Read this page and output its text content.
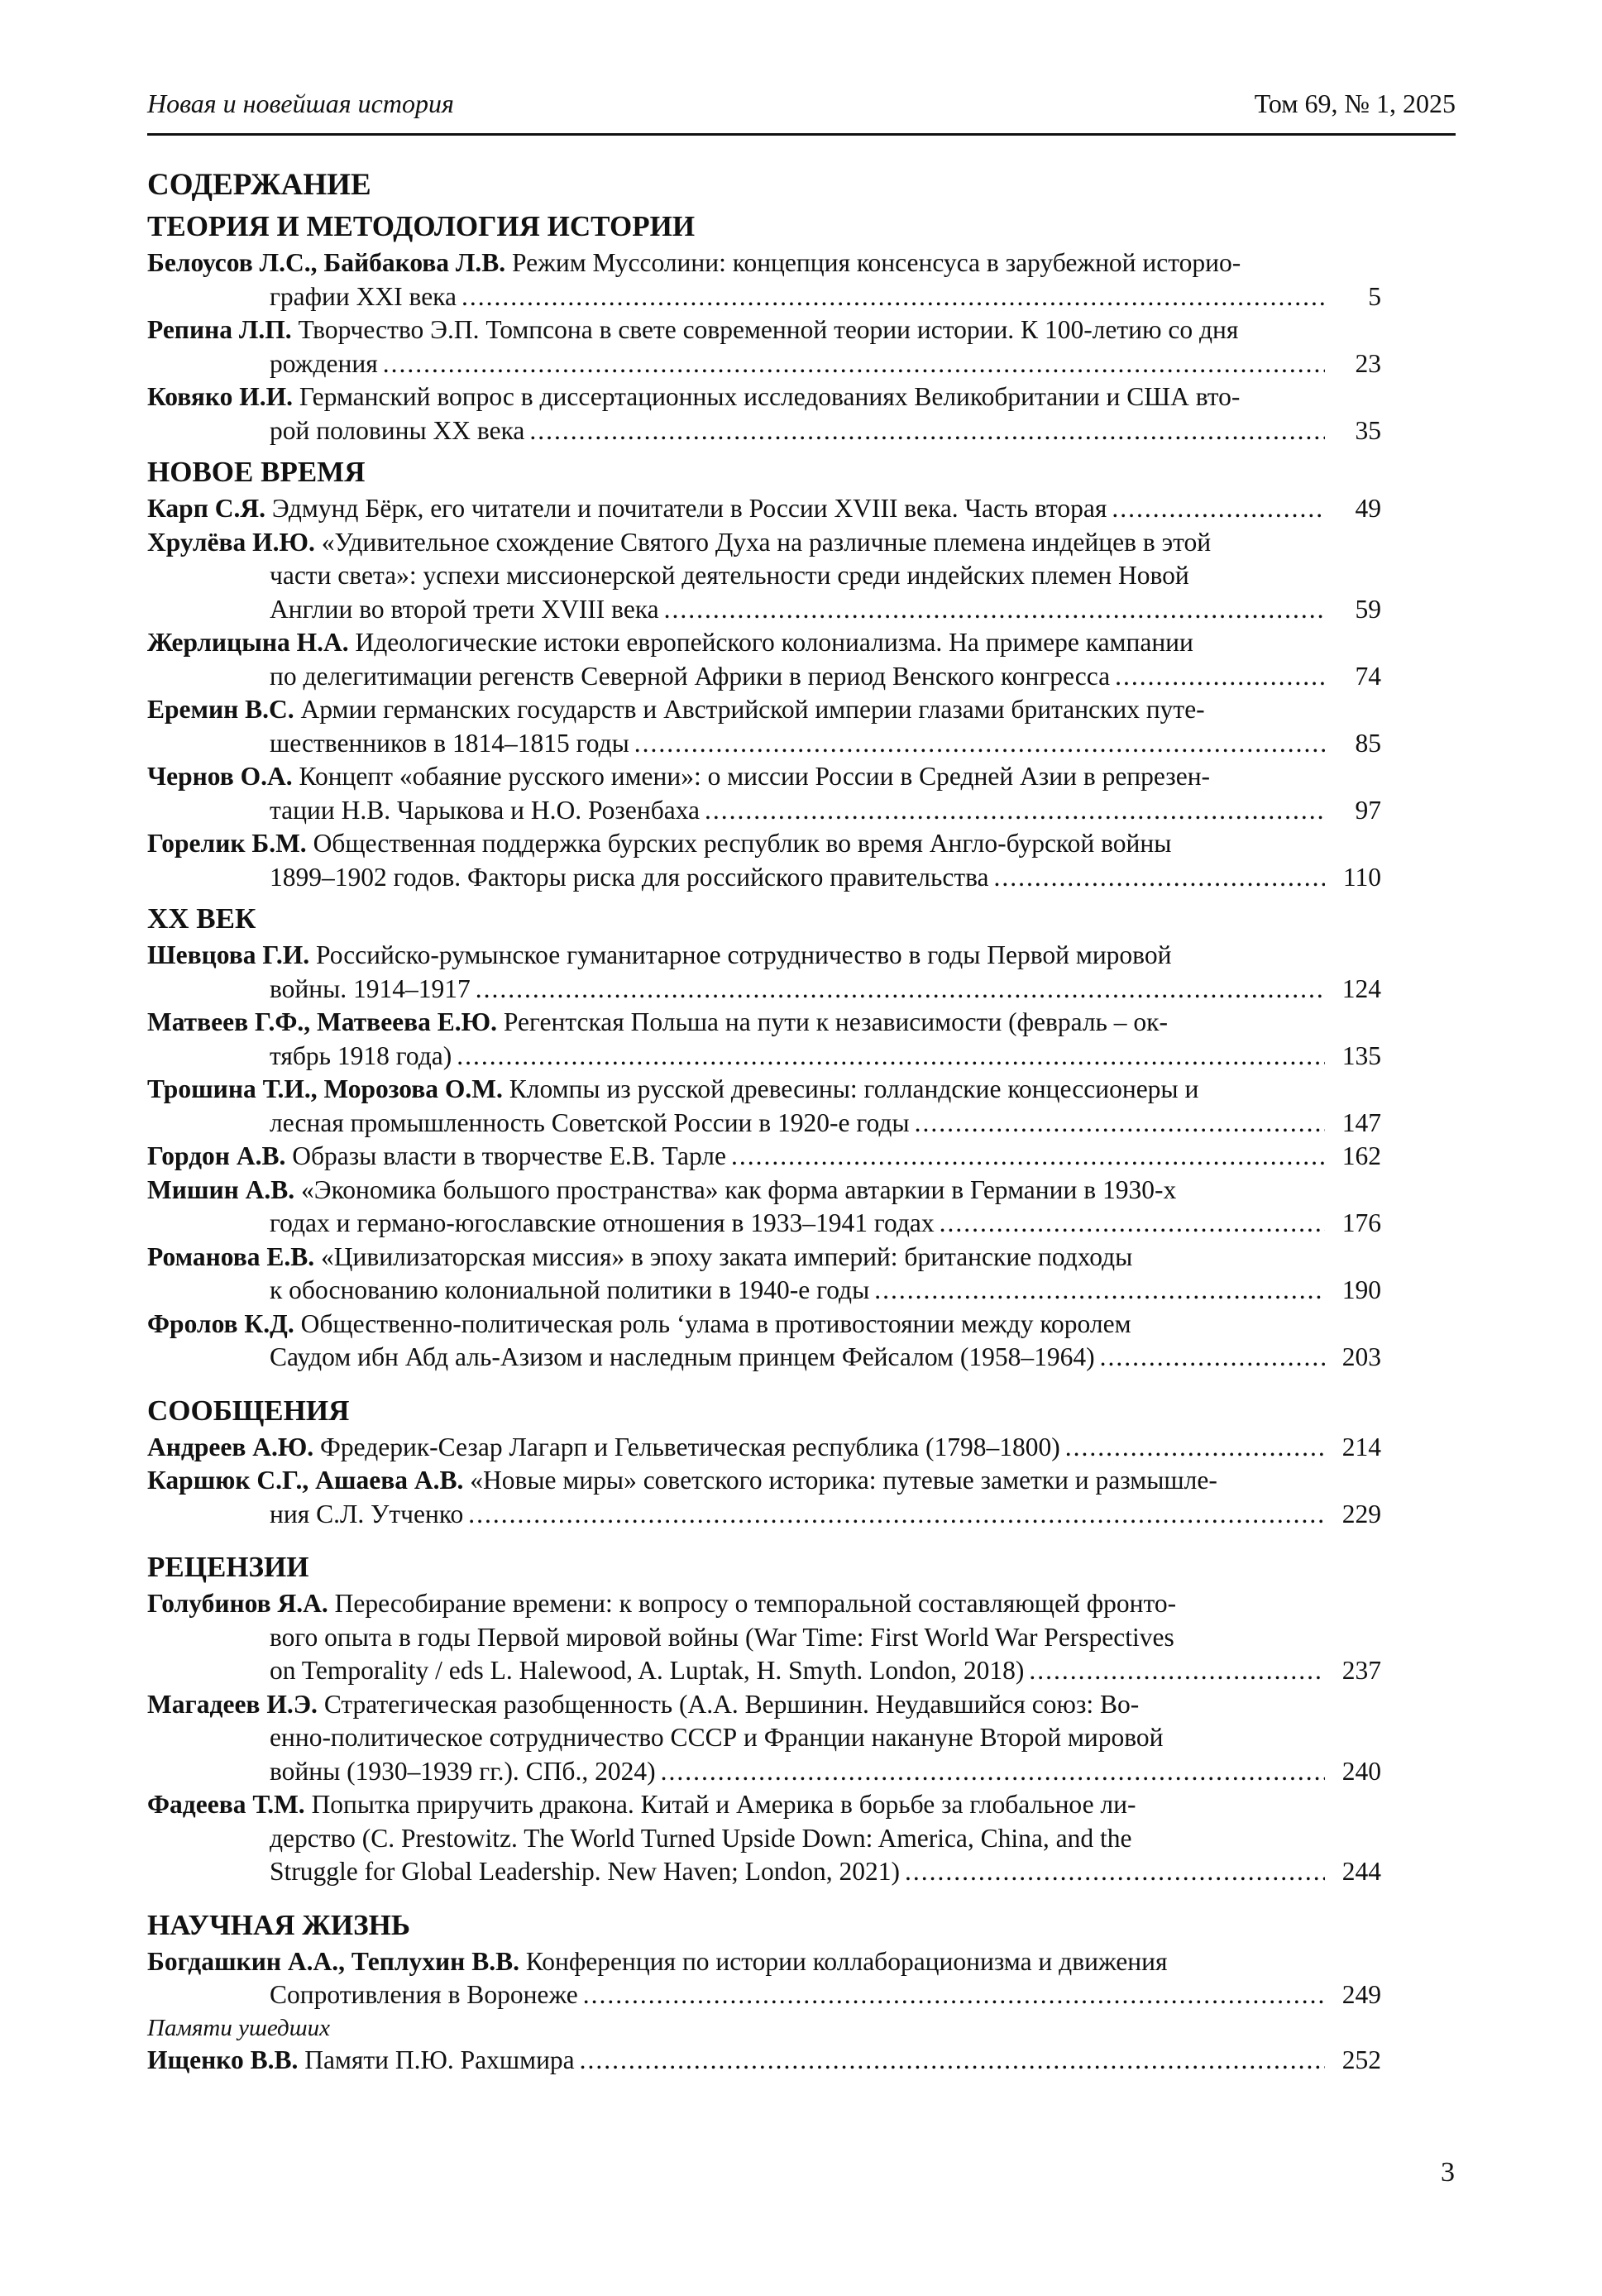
Новая и новейшая история	Том 69, № 1, 2025
СОДЕРЖАНИЕ
ТЕОРИЯ И МЕТОДОЛОГИЯ ИСТОРИИ
Белоусов Л.С., Байбакова Л.В. Режим Муссолини: концепция консенсуса в зарубежной историо-
графии XXI века .....	5
Репина Л.П. Творчество Э.П. Томпсона в свете современной теории истории. К 100-летию со дня
рождения .....	23
Ковяко И.И. Германский вопрос в диссертационных исследованиях Великобритании и США вто-
рой половины XX века .....	35
НОВОЕ ВРЕМЯ
Карп С.Я. Эдмунд Бёрк, его читатели и почитатели в России XVIII века. Часть вторая .....	49
Хрулёва И.Ю. «Удивительное схождение Святого Духа на различные племена индейцев в этой
части света»: успехи миссионерской деятельности среди индейских племен Новой
Англии во второй трети XVIII века .....	59
Жерлицына Н.А. Идеологические истоки европейского колониализма. На примере кампании
по делегитимации регенств Северной Африки в период Венского конгресса .....	74
Еремин В.С. Армии германских государств и Австрийской империи глазами британских путе-
шественников в 1814–1815 годы .....	85
Чернов О.А. Концепт «обаяние русского имени»: о миссии России в Средней Азии в репрезен-
тации Н.В. Чарыкова и Н.О. Розенбаха .....	97
Горелик Б.М. Общественная поддержка бурских республик во время Англо-бурской войны
1899–1902 годов. Факторы риска для российского правительства .....	110
XX ВЕК
Шевцова Г.И. Российско-румынское гуманитарное сотрудничество в годы Первой мировой
войны. 1914–1917 .....	124
Матвеев Г.Ф., Матвеева Е.Ю. Регентская Польша на пути к независимости (февраль – ок-
тябрь 1918 года) .....	135
Трошина Т.И., Морозова О.М. Кломпы из русской древесины: голландские концессионеры и
лесная промышленность Советской России в 1920-е годы .....	147
Гордон А.В. Образы власти в творчестве Е.В. Тарле .....	162
Мишин А.В. «Экономика большого пространства» как форма автаркии в Германии в 1930-х
годах и германо-югославские отношения в 1933–1941 годах .....	176
Романова Е.В. «Цивилизаторская миссия» в эпоху заката империй: британские подходы
к обоснованию колониальной политики в 1940-е годы .....	190
Фролов К.Д. Общественно-политическая роль ‘улама в противостоянии между королем
Саудом ибн Абд аль-Азизом и наследным принцем Фейсалом (1958–1964) .....	203
СООБЩЕНИЯ
Андреев А.Ю. Фредерик-Сезар Лагарп и Гельветическая республика (1798–1800) .....	214
Каршюк С.Г., Ашаева А.В. «Новые миры» советского историка: путевые заметки и размышле-
ния С.Л. Утченко .....	229
РЕЦЕНЗИИ
Голубинов Я.А. Пересобирание времени: к вопросу о темпоральной составляющей фронто-
вого опыта в годы Первой мировой войны (War Time: First World War Perspectives
on Temporality / eds L. Halewood, A. Luptak, H. Smyth. London, 2018) .....	237
Магадеев И.Э. Стратегическая разобщенность (А.А. Вершинин. Неудавшийся союз: Во-
енно-политическое сотрудничество СССР и Франции накануне Второй мировой
войны (1930–1939 гг.). СПб., 2024) .....	240
Фадеева Т.М. Попытка приручить дракона. Китай и Америка в борьбе за глобальное ли-
дерство (C. Prestowitz. The World Turned Upside Down: America, China, and the
Struggle for Global Leadership. New Haven; London, 2021) .....	244
НАУЧНАЯ ЖИЗНЬ
Богдашкин А.А., Теплухин В.В. Конференция по истории коллаборационизма и движения
Сопротивления в Воронеже .....	249
Памяти ушедших
Ищенко В.В. Памяти П.Ю. Рахшмира .....	252
3
